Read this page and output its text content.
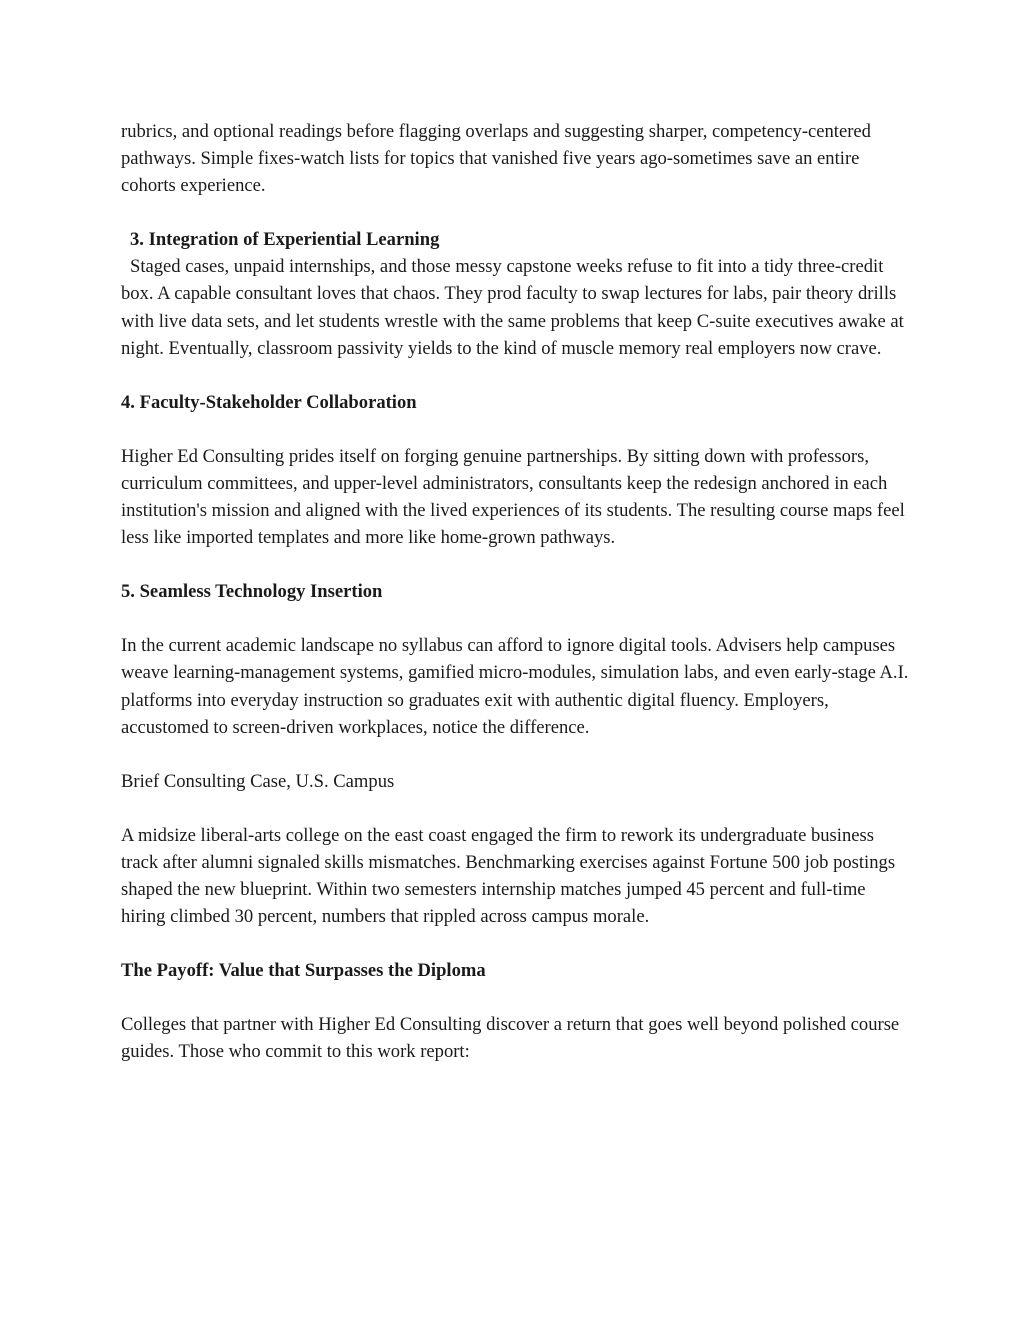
rubrics, and optional readings before flagging overlaps and suggesting sharper, competency-centered pathways. Simple fixes-watch lists for topics that vanished five years ago-sometimes save an entire cohorts experience.

3. Integration of Experiential Learning

Staged cases, unpaid internships, and those messy capstone weeks refuse to fit into a tidy three-credit box. A capable consultant loves that chaos. They prod faculty to swap lectures for labs, pair theory drills with live data sets, and let students wrestle with the same problems that keep C-suite executives awake at night. Eventually, classroom passivity yields to the kind of muscle memory real employers now crave.

4. Faculty-Stakeholder Collaboration

Higher Ed Consulting prides itself on forging genuine partnerships. By sitting down with professors, curriculum committees, and upper-level administrators, consultants keep the redesign anchored in each institution's mission and aligned with the lived experiences of its students. The resulting course maps feel less like imported templates and more like home-grown pathways.

5. Seamless Technology Insertion

In the current academic landscape no syllabus can afford to ignore digital tools. Advisers help campuses weave learning-management systems, gamified micro-modules, simulation labs, and even early-stage A.I. platforms into everyday instruction so graduates exit with authentic digital fluency. Employers, accustomed to screen-driven workplaces, notice the difference.

Brief Consulting Case, U.S. Campus

A midsize liberal-arts college on the east coast engaged the firm to rework its undergraduate business track after alumni signaled skills mismatches. Benchmarking exercises against Fortune 500 job postings shaped the new blueprint. Within two semesters internship matches jumped 45 percent and full-time hiring climbed 30 percent, numbers that rippled across campus morale.

The Payoff: Value that Surpasses the Diploma

Colleges that partner with Higher Ed Consulting discover a return that goes well beyond polished course guides. Those who commit to this work report:
